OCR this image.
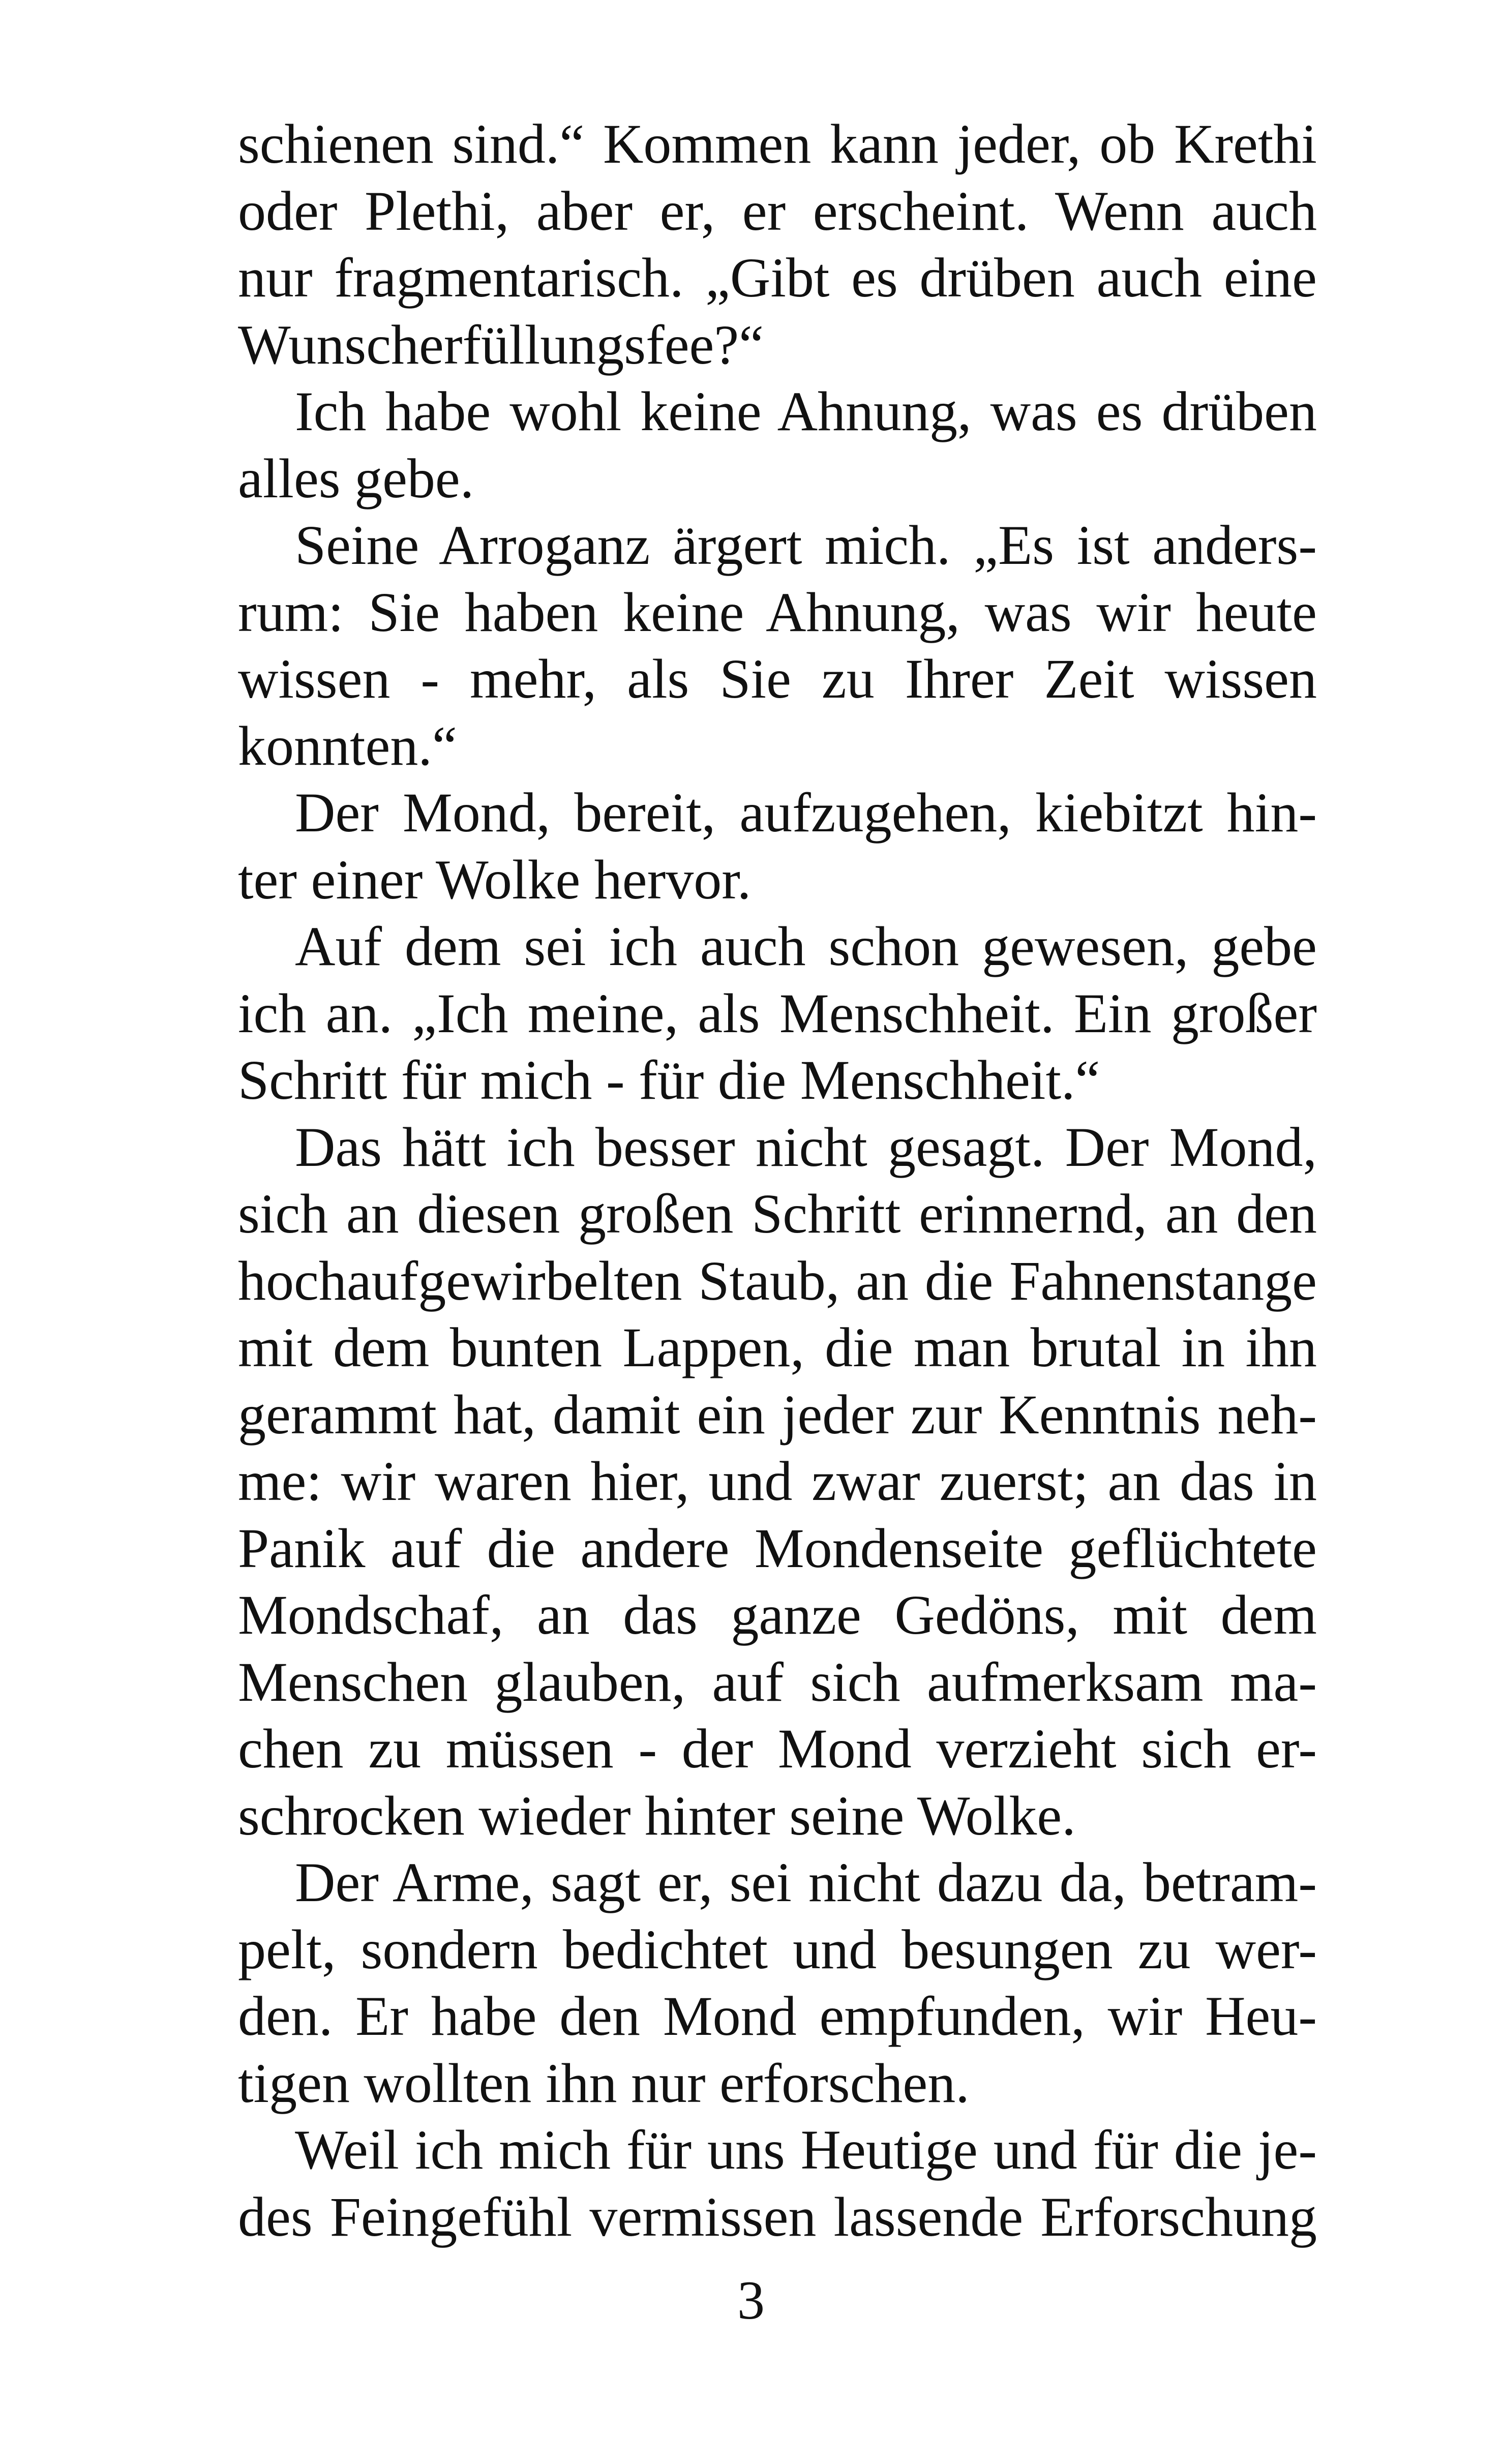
schienen sind.“ Kommen kann jeder, ob Krethi
oder Plethi, aber er, er erscheint. Wenn auch
nur fragmentarisch. „Gibt es drüben auch eine
Wunscherfüllungsfee?“
Ich habe wohl keine Ahnung, was es drüben
alles gebe.
Seine Arroganz ärgert mich. „Es ist anders-
rum: Sie haben keine Ahnung, was wir heute
wissen - mehr, als Sie zu Ihrer Zeit wissen
konnten.“
Der Mond, bereit, aufzugehen, kiebitzt hin-
ter einer Wolke hervor.
Auf dem sei ich auch schon gewesen, gebe
ich an. „Ich meine, als Menschheit. Ein großer
Schritt für mich - für die Menschheit.“
Das hätt ich besser nicht gesagt. Der Mond,
sich an diesen großen Schritt erinnernd, an den
hochaufgewirbelten Staub, an die Fahnenstange
mit dem bunten Lappen, die man brutal in ihn
gerammt hat, damit ein jeder zur Kenntnis neh-
me: wir waren hier, und zwar zuerst; an das in
Panik auf die andere Mondenseite geflüchtete
Mondschaf, an das ganze Gedöns, mit dem
Menschen glauben, auf sich aufmerksam ma-
chen zu müssen - der Mond verzieht sich er-
schrocken wieder hinter seine Wolke.
Der Arme, sagt er, sei nicht dazu da, betram-
pelt, sondern bedichtet und besungen zu wer-
den. Er habe den Mond empfunden, wir Heu-
tigen wollten ihn nur erforschen.
Weil ich mich für uns Heutige und für die je-
des Feingefühl vermissen lassende Erforschung
3
